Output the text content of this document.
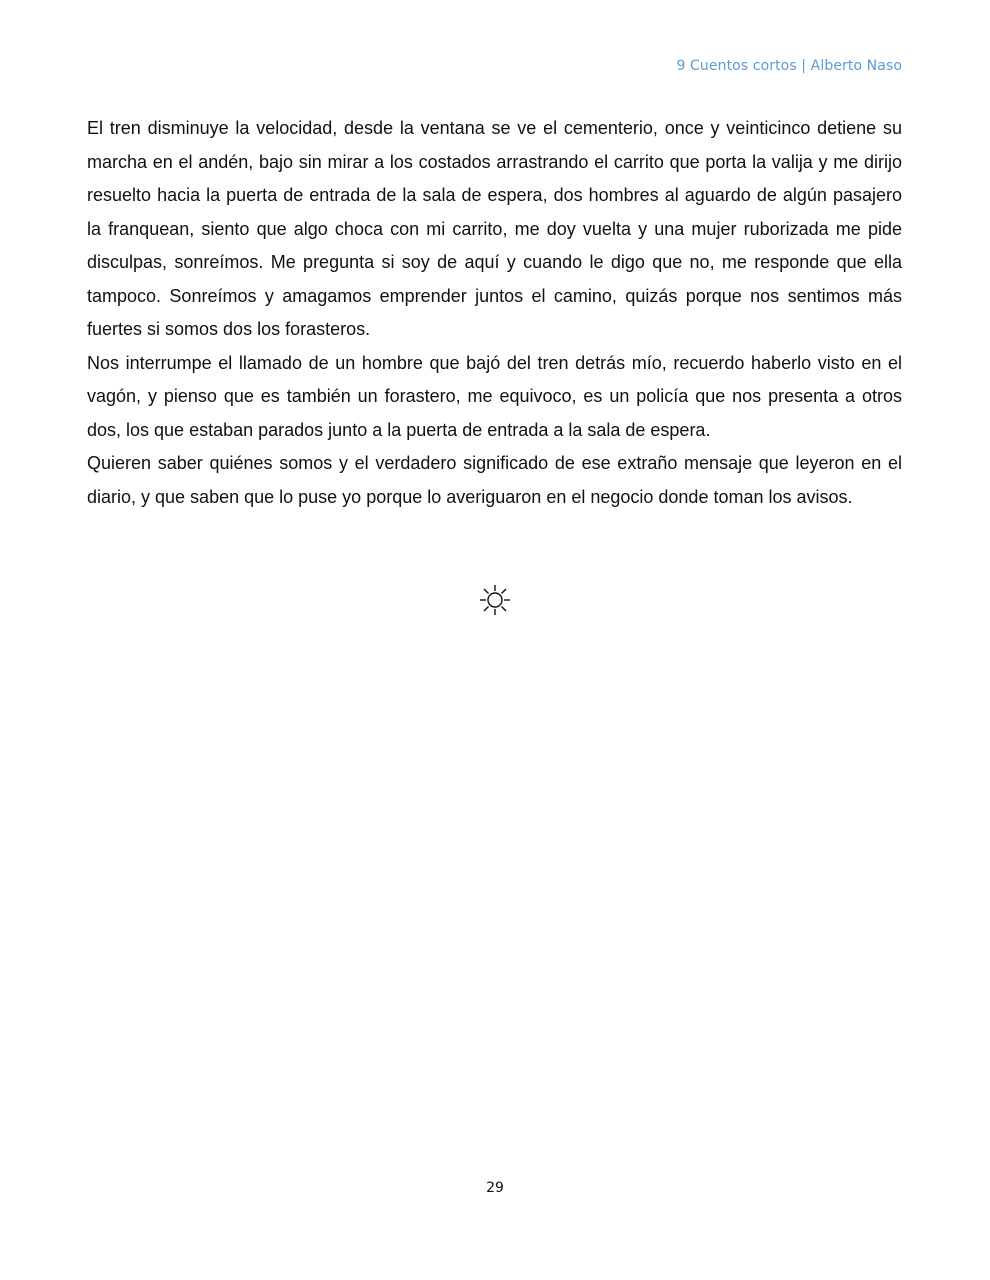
9 Cuentos cortos | Alberto Naso

El tren disminuye la velocidad, desde la ventana se ve el cementerio, once y veinticinco detiene su marcha en el andén, bajo sin mirar a los costados arrastrando el carrito que porta la valija y me dirijo resuelto hacia la puerta de entrada de la sala de espera, dos hombres al aguardo de algún pasajero la franquean, siento que algo choca con mi carrito, me doy vuelta y una mujer ruborizada me pide disculpas, sonreímos. Me pregunta si soy de aquí y cuando le digo que no, me responde que ella tampoco. Sonreímos y amagamos emprender juntos el camino, quizás porque nos sentimos más fuertes si somos dos los forasteros.

Nos interrumpe el llamado de un hombre que bajó del tren detrás mío, recuerdo haberlo visto en el vagón, y pienso que es también un forastero, me equivoco, es un policía que nos presenta a otros dos, los que estaban parados junto a la puerta de entrada a la sala de espera.

Quieren saber quiénes somos y el verdadero significado de ese extraño mensaje que leyeron en el diario, y que saben que lo puse yo porque lo averiguaron en el negocio donde toman los avisos.

29
